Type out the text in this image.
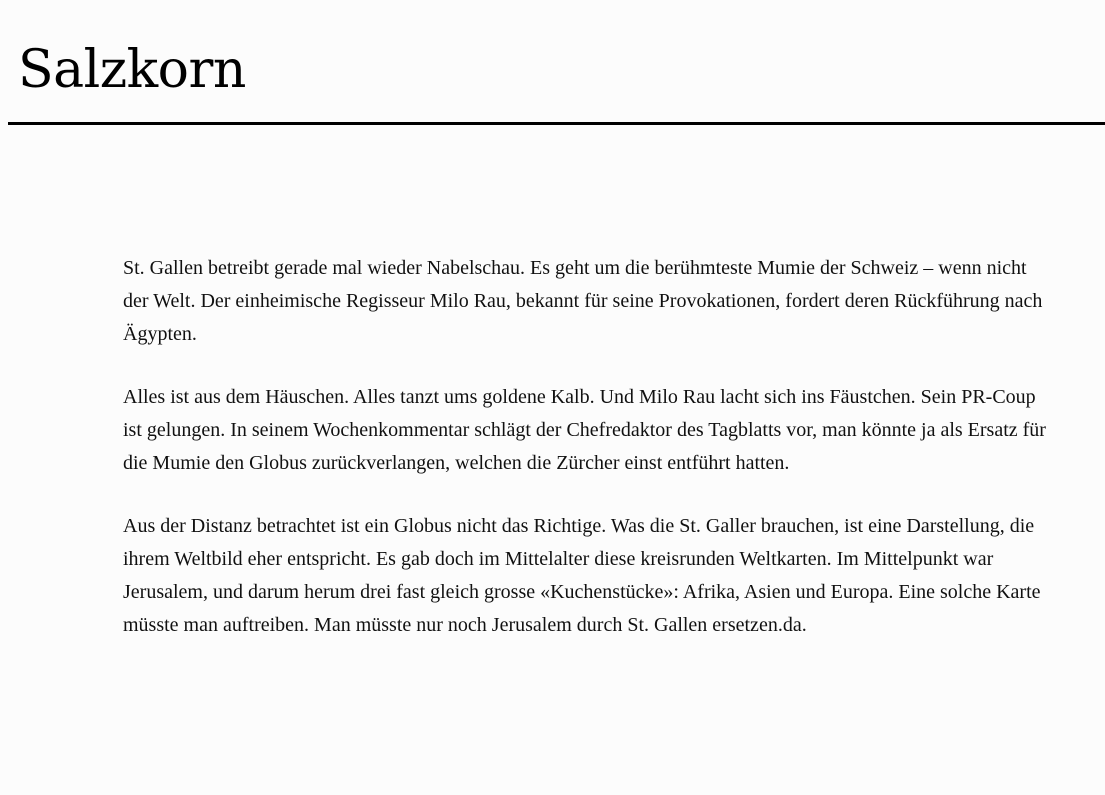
Salzkorn

St. Gallen betreibt gerade mal wieder Nabelschau. Es geht um die berühmteste Mumie der Schweiz – wenn nicht der Welt. Der einheimische Regisseur Milo Rau, bekannt für seine Provokationen, fordert deren Rückführung nach Ägypten.

Alles ist aus dem Häuschen. Alles tanzt ums goldene Kalb. Und Milo Rau lacht sich ins Fäustchen. Sein PR-Coup ist gelungen. In seinem Wochenkommentar schlägt der Chefredaktor des Tagblatts vor, man könnte ja als Ersatz für die Mumie den Globus zurückverlangen, welchen die Zürcher einst entführt hatten.

Aus der Distanz betrachtet ist ein Globus nicht das Richtige. Was die St. Galler brauchen, ist eine Darstellung, die ihrem Weltbild eher entspricht. Es gab doch im Mittelalter diese kreisrunden Weltkarten. Im Mittelpunkt war Jerusalem, und darum herum drei fast gleich grosse «Kuchenstücke»: Afrika, Asien und Europa. Eine solche Karte müsste man auftreiben. Man müsste nur noch Jerusalem durch St. Gallen ersetzen.da.
